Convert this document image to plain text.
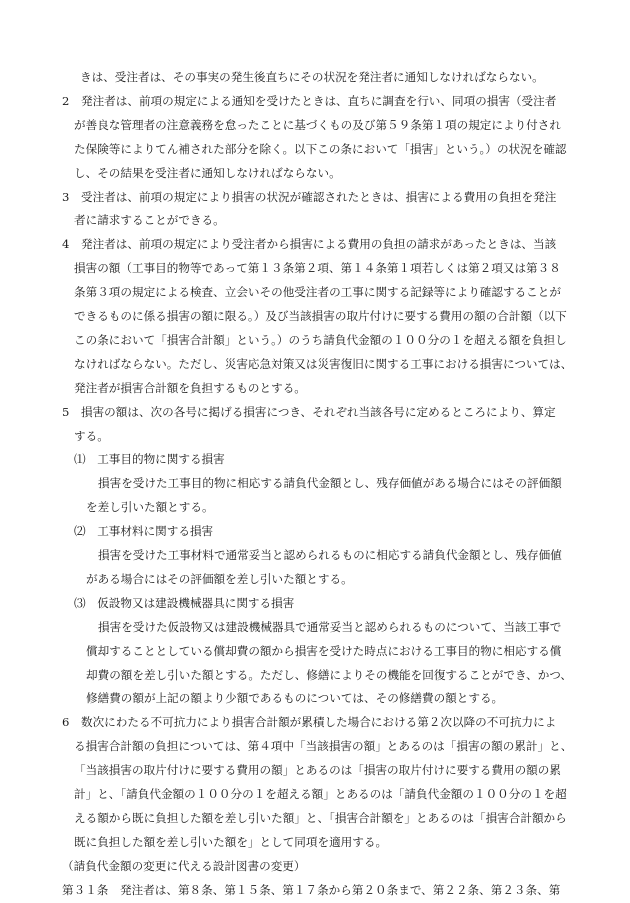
きは、受注者は、その事実の発生後直ちにその状況を発注者に通知しなければならない。
2　発注者は、前項の規定による通知を受けたときは、直ちに調査を行い、同項の損害（受注者
が善良な管理者の注意義務を怠ったことに基づくもの及び第５９条第１項の規定により付され
た保険等によりてん補された部分を除く。以下この条において「損害」という。）の状況を確認
し、その結果を受注者に通知しなければならない。
3　受注者は、前項の規定により損害の状況が確認されたときは、損害による費用の負担を発注
者に請求することができる。
4　発注者は、前項の規定により受注者から損害による費用の負担の請求があったときは、当該
損害の額（工事目的物等であって第１３条第２項、第１４条第１項若しくは第２項又は第３８
条第３項の規定による検査、立会いその他受注者の工事に関する記録等により確認することが
できるものに係る損害の額に限る。）及び当該損害の取片付けに要する費用の額の合計額（以下
この条において「損害合計額」という。）のうち請負代金額の１００分の１を超える額を負担し
なければならない。ただし、災害応急対策又は災害復旧に関する工事における損害については、
発注者が損害合計額を負担するものとする。
5　損害の額は、次の各号に掲げる損害につき、それぞれ当該各号に定めるところにより、算定
する。
⑴　工事目的物に関する損害
損害を受けた工事目的物に相応する請負代金額とし、残存価値がある場合にはその評価額
を差し引いた額とする。
⑵　工事材料に関する損害
損害を受けた工事材料で通常妥当と認められるものに相応する請負代金額とし、残存価値
がある場合にはその評価額を差し引いた額とする。
⑶　仮設物又は建設機械器具に関する損害
損害を受けた仮設物又は建設機械器具で通常妥当と認められるものについて、当該工事で
償却することとしている償却費の額から損害を受けた時点における工事目的物に相応する償
却費の額を差し引いた額とする。ただし、修繕によりその機能を回復することができ、かつ、
修繕費の額が上記の額より少額であるものについては、その修繕費の額とする。
6　数次にわたる不可抗力により損害合計額が累積した場合における第２次以降の不可抗力によ
る損害合計額の負担については、第４項中「当該損害の額」とあるのは「損害の額の累計」と、
「当該損害の取片付けに要する費用の額」とあるのは「損害の取片付けに要する費用の額の累
計」と、「請負代金額の１００分の１を超える額」とあるのは「請負代金額の１００分の１を超
える額から既に負担した額を差し引いた額」と、「損害合計額を」とあるのは「損害合計額から
既に負担した額を差し引いた額を」として同項を適用する。
（請負代金額の変更に代える設計図書の変更）
第３１条　発注者は、第８条、第１５条、第１７条から第２０条まで、第２２条、第２３条、第
